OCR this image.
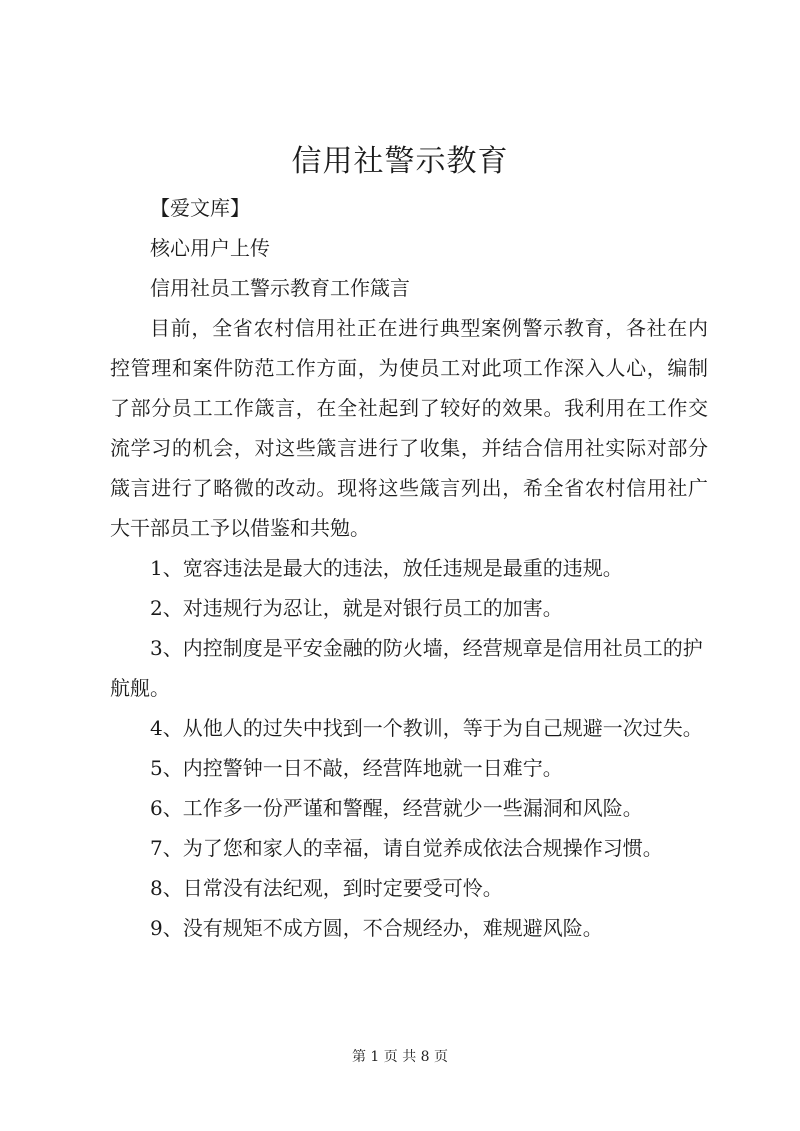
信用社警示教育

【爱文库】

核心用户上传

信用社员工警示教育工作箴言

目前，全省农村信用社正在进行典型案例警示教育，各社在内控管理和案件防范工作方面，为使员工对此项工作深入人心，编制了部分员工工作箴言，在全社起到了较好的效果。我利用在工作交流学习的机会，对这些箴言进行了收集，并结合信用社实际对部分箴言进行了略微的改动。现将这些箴言列出，希全省农村信用社广大干部员工予以借鉴和共勉。

1、宽容违法是最大的违法，放任违规是最重的违规。

2、对违规行为忍让，就是对银行员工的加害。

3、内控制度是平安金融的防火墙，经营规章是信用社员工的护航舰。

4、从他人的过失中找到一个教训，等于为自己规避一次过失。

5、内控警钟一日不敲，经营阵地就一日难宁。

6、工作多一份严谨和警醒，经营就少一些漏洞和风险。

7、为了您和家人的幸福，请自觉养成依法合规操作习惯。

8、日常没有法纪观，到时定要受可怜。

9、没有规矩不成方圆，不合规经办，难规避风险。

第 1 页 共 8 页
